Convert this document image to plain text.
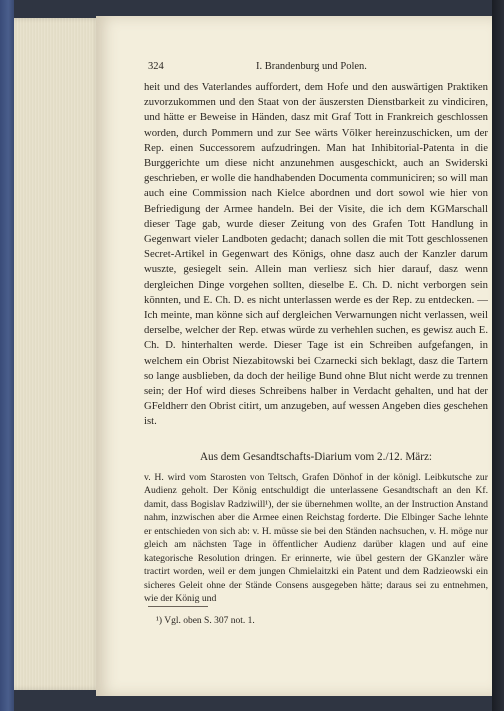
324	I. Brandenburg und Polen.

heit und des Vaterlandes auffordert, dem Hofe und den auswärtigen Praktiken zuvorzukommen und den Staat von der äuszersten Dienstbarkeit zu vindiciren, und hätte er Beweise in Händen, dasz mit Graf Tott in Frankreich geschlossen worden, durch Pommern und zur See wärts Völker hereinzuschicken, um der Rep. einen Successorem aufzudringen. Man hat Inhibitorial-Patenta in die Burggerichte um diese nicht anzunehmen ausgeschickt, auch an Swiderski geschrieben, er wolle die handhabenden Documenta communiciren; so will man auch eine Commission nach Kielce abordnen und dort sowol wie hier von Befriedigung der Armee handeln. Bei der Visite, die ich dem KGMarschall dieser Tage gab, wurde dieser Zeitung von des Grafen Tott Handlung in Gegenwart vieler Landboten gedacht; danach sollen die mit Tott geschlossenen Secret-Artikel in Gegenwart des Königs, ohne dasz auch der Kanzler darum wuszte, gesiegelt sein. Allein man verliesz sich hier darauf, dasz wenn dergleichen Dinge vorgehen sollten, dieselbe E. Ch. D. nicht verborgen sein könnten, und E. Ch. D. es nicht unterlassen werde es der Rep. zu entdecken. — Ich meinte, man könne sich auf dergleichen Verwarnungen nicht verlassen, weil derselbe, welcher der Rep. etwas würde zu verhehlen suchen, es gewisz auch E. Ch. D. hinterhalten werde. Dieser Tage ist ein Schreiben aufgefangen, in welchem ein Obrist Niezabitowski bei Czarnecki sich beklagt, dasz die Tartern so lange ausblieben, da doch der heilige Bund ohne Blut nicht werde zu trennen sein; der Hof wird dieses Schreibens halber in Verdacht gehalten, und hat der GFeldherr den Obrist citirt, um anzugeben, auf wessen Angeben dies geschehen ist.

Aus dem Gesandtschafts-Diarium vom 2./12. März:

v. H. wird vom Starosten von Teltsch, Grafen Dönhof in der königl. Leibkutsche zur Audienz geholt. Der König entschuldigt die unterlassene Gesandtschaft an den Kf. damit, dass Bogislav Radziwill¹), der sie übernehmen wollte, an der Instruction Anstand nahm, inzwischen aber die Armee einen Reichstag forderte. Die Elbinger Sache lehnte er entschieden von sich ab: v. H. müsse sie bei den Ständen nachsuchen, v. H. möge nur gleich am nächsten Tage in öffentlicher Audienz darüber klagen und auf eine kategorische Resolution dringen. Er erinnerte, wie übel gestern der GKanzler wäre tractirt worden, weil er dem jungen Chmielaitzki ein Patent und dem Radzieowski ein sicheres Geleit ohne der Stände Consens ausgegeben hätte; daraus sei zu entnehmen, wie der König und

¹) Vgl. oben S. 307 not. 1.
